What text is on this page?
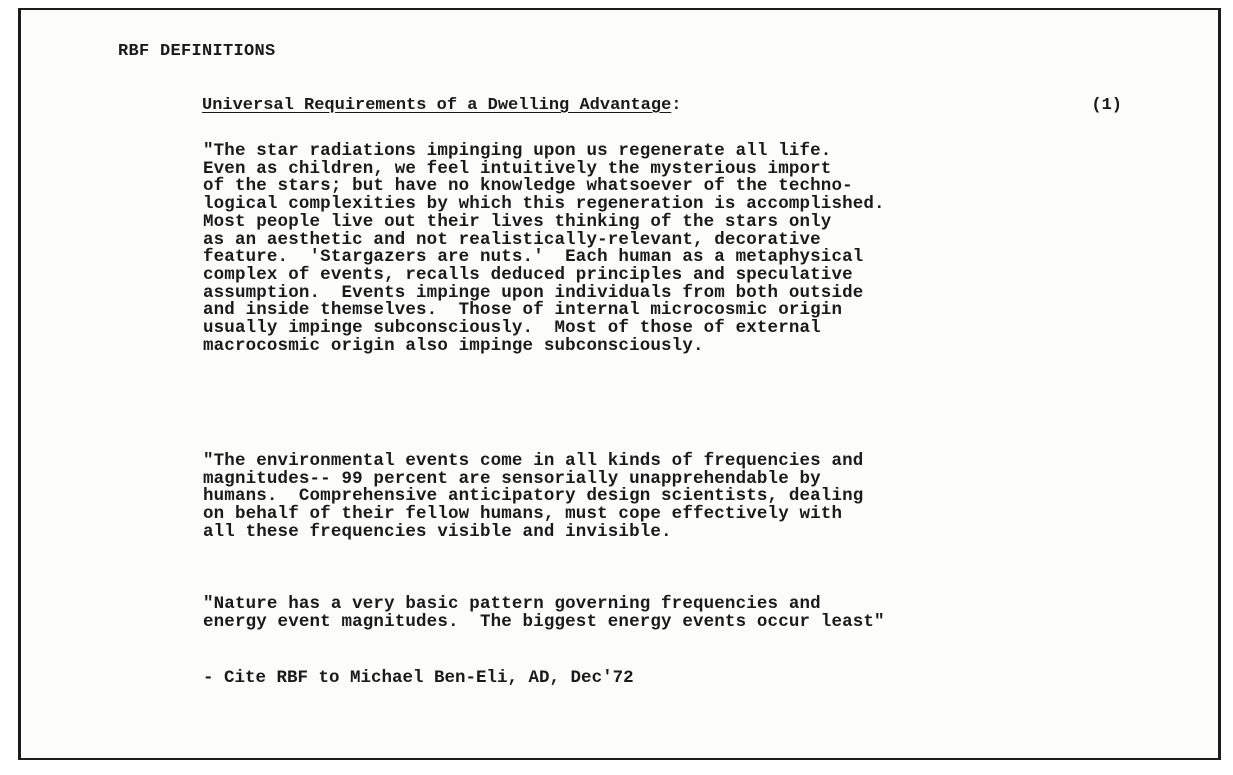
RBF DEFINITIONS
Universal Requirements of a Dwelling Advantage:	(1)

"The star radiations impinging upon us regenerate all life.
Even as children, we feel intuitively the mysterious import
of the stars; but have no knowledge whatsoever of the techno-
logical complexities by which this regeneration is accomplished.
Most people live out their lives thinking of the stars only
as an aesthetic and not realistically-relevant, decorative
feature.  'Stargazers are nuts.'  Each human as a metaphysical
complex of events, recalls deduced principles and speculative
assumption.  Events impinge upon individuals from both outside
and inside themselves.  Those of internal microcosmic origin
usually impinge subconsciously.  Most of those of external
macrocosmic origin also impinge subconsciously.

"The environmental events come in all kinds of frequencies and
magnitudes-- 99 percent are sensorially unapprehendable by
humans.  Comprehensive anticipatory design scientists, dealing
on behalf of their fellow humans, must cope effectively with
all these frequencies visible and invisible.

"Nature has a very basic pattern governing frequencies and
energy event magnitudes.  The biggest energy events occur least"

- Cite RBF to Michael Ben-Eli, AD, Dec'72
